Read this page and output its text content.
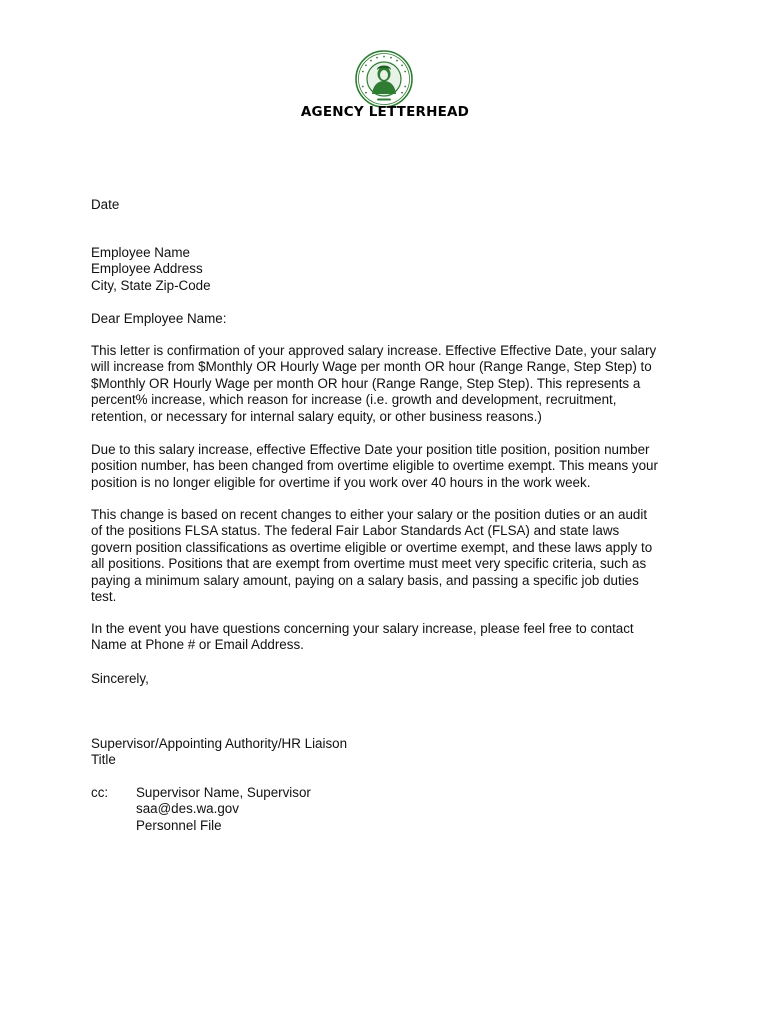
AGENCY LETTERHEAD
Date
Employee Name
Employee Address
City, State Zip-Code
Dear Employee Name:
This letter is confirmation of your approved salary increase. Effective Effective Date, your salary
will increase from $Monthly OR Hourly Wage per month OR hour (Range Range, Step Step) to
$Monthly OR Hourly Wage per month OR hour (Range Range, Step Step). This represents a
percent% increase, which reason for increase (i.e. growth and development, recruitment,
retention, or necessary for internal salary equity, or other business reasons.)
Due to this salary increase, effective Effective Date your position title position, position number
position number, has been changed from overtime eligible to overtime exempt. This means your
position is no longer eligible for overtime if you work over 40 hours in the work week.
This change is based on recent changes to either your salary or the position duties or an audit
of the positions FLSA status. The federal Fair Labor Standards Act (FLSA) and state laws
govern position classifications as overtime eligible or overtime exempt, and these laws apply to
all positions. Positions that are exempt from overtime must meet very specific criteria, such as
paying a minimum salary amount, paying on a salary basis, and passing a specific job duties
test.
In the event you have questions concerning your salary increase, please feel free to contact
Name at Phone # or Email Address.
Sincerely,
Supervisor/Appointing Authority/HR Liaison
Title
cc: Supervisor Name, Supervisor
saa@des.wa.gov
Personnel File
